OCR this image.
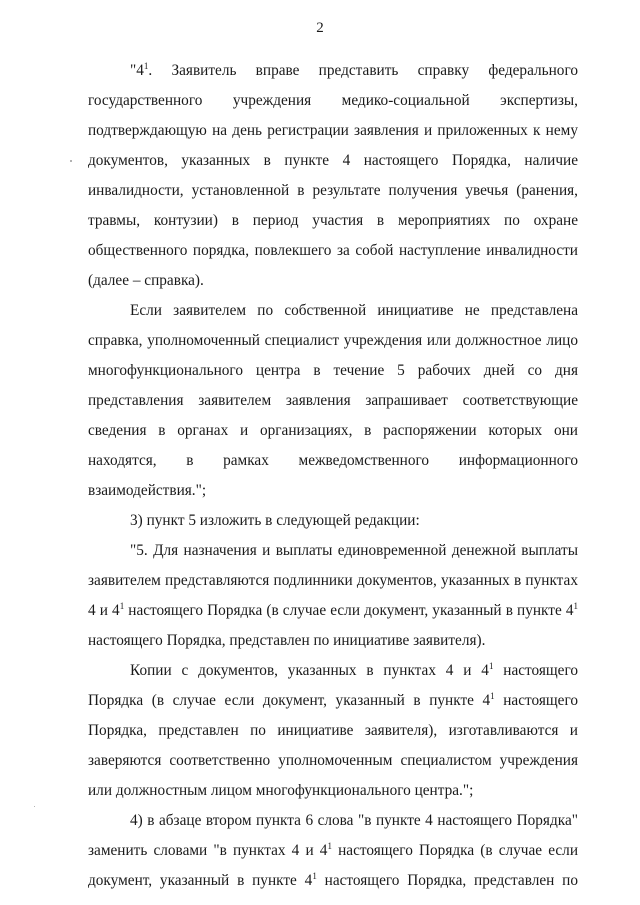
2
"$4^1$. Заявитель вправе представить справку федерального
государственного учреждения медико-социальной экспертизы,
подтверждающую на день регистрации заявления и приложенных к нему
документов, указанных в пункте 4 настоящего Порядка, наличие
инвалидности, установленной в результате получения увечья (ранения,
травмы, контузии) в период участия в мероприятиях по охране
общественного порядка, повлекшего за собой наступление инвалидности
(далее – справка).
Если заявителем по собственной инициативе не представлена
справка, уполномоченный специалист учреждения или должностное лицо
многофункционального центра в течение 5 рабочих дней со дня
представления заявителем заявления запрашивает соответствующие
сведения в органах и организациях, в распоряжении которых они
находятся, в рамках межведомственного информационного
взаимодействия.";
3) пункт 5 изложить в следующей редакции:
"5. Для назначения и выплаты единовременной денежной выплаты
заявителем представляются подлинники документов, указанных в пунктах
4 и $4^1$ настоящего Порядка (в случае если документ, указанный в пункте $4^1$
настоящего Порядка, представлен по инициативе заявителя).
Копии с документов, указанных в пунктах 4 и $4^1$ настоящего
Порядка (в случае если документ, указанный в пункте $4^1$ настоящего
Порядка, представлен по инициативе заявителя), изготавливаются и
заверяются соответственно уполномоченным специалистом учреждения
или должностным лицом многофункционального центра.";
4) в абзаце втором пункта 6 слова "в пункте 4 настоящего Порядка"
заменить словами "в пунктах 4 и $4^1$ настоящего Порядка (в случае если
документ, указанный в пункте $4^1$ настоящего Порядка, представлен по
